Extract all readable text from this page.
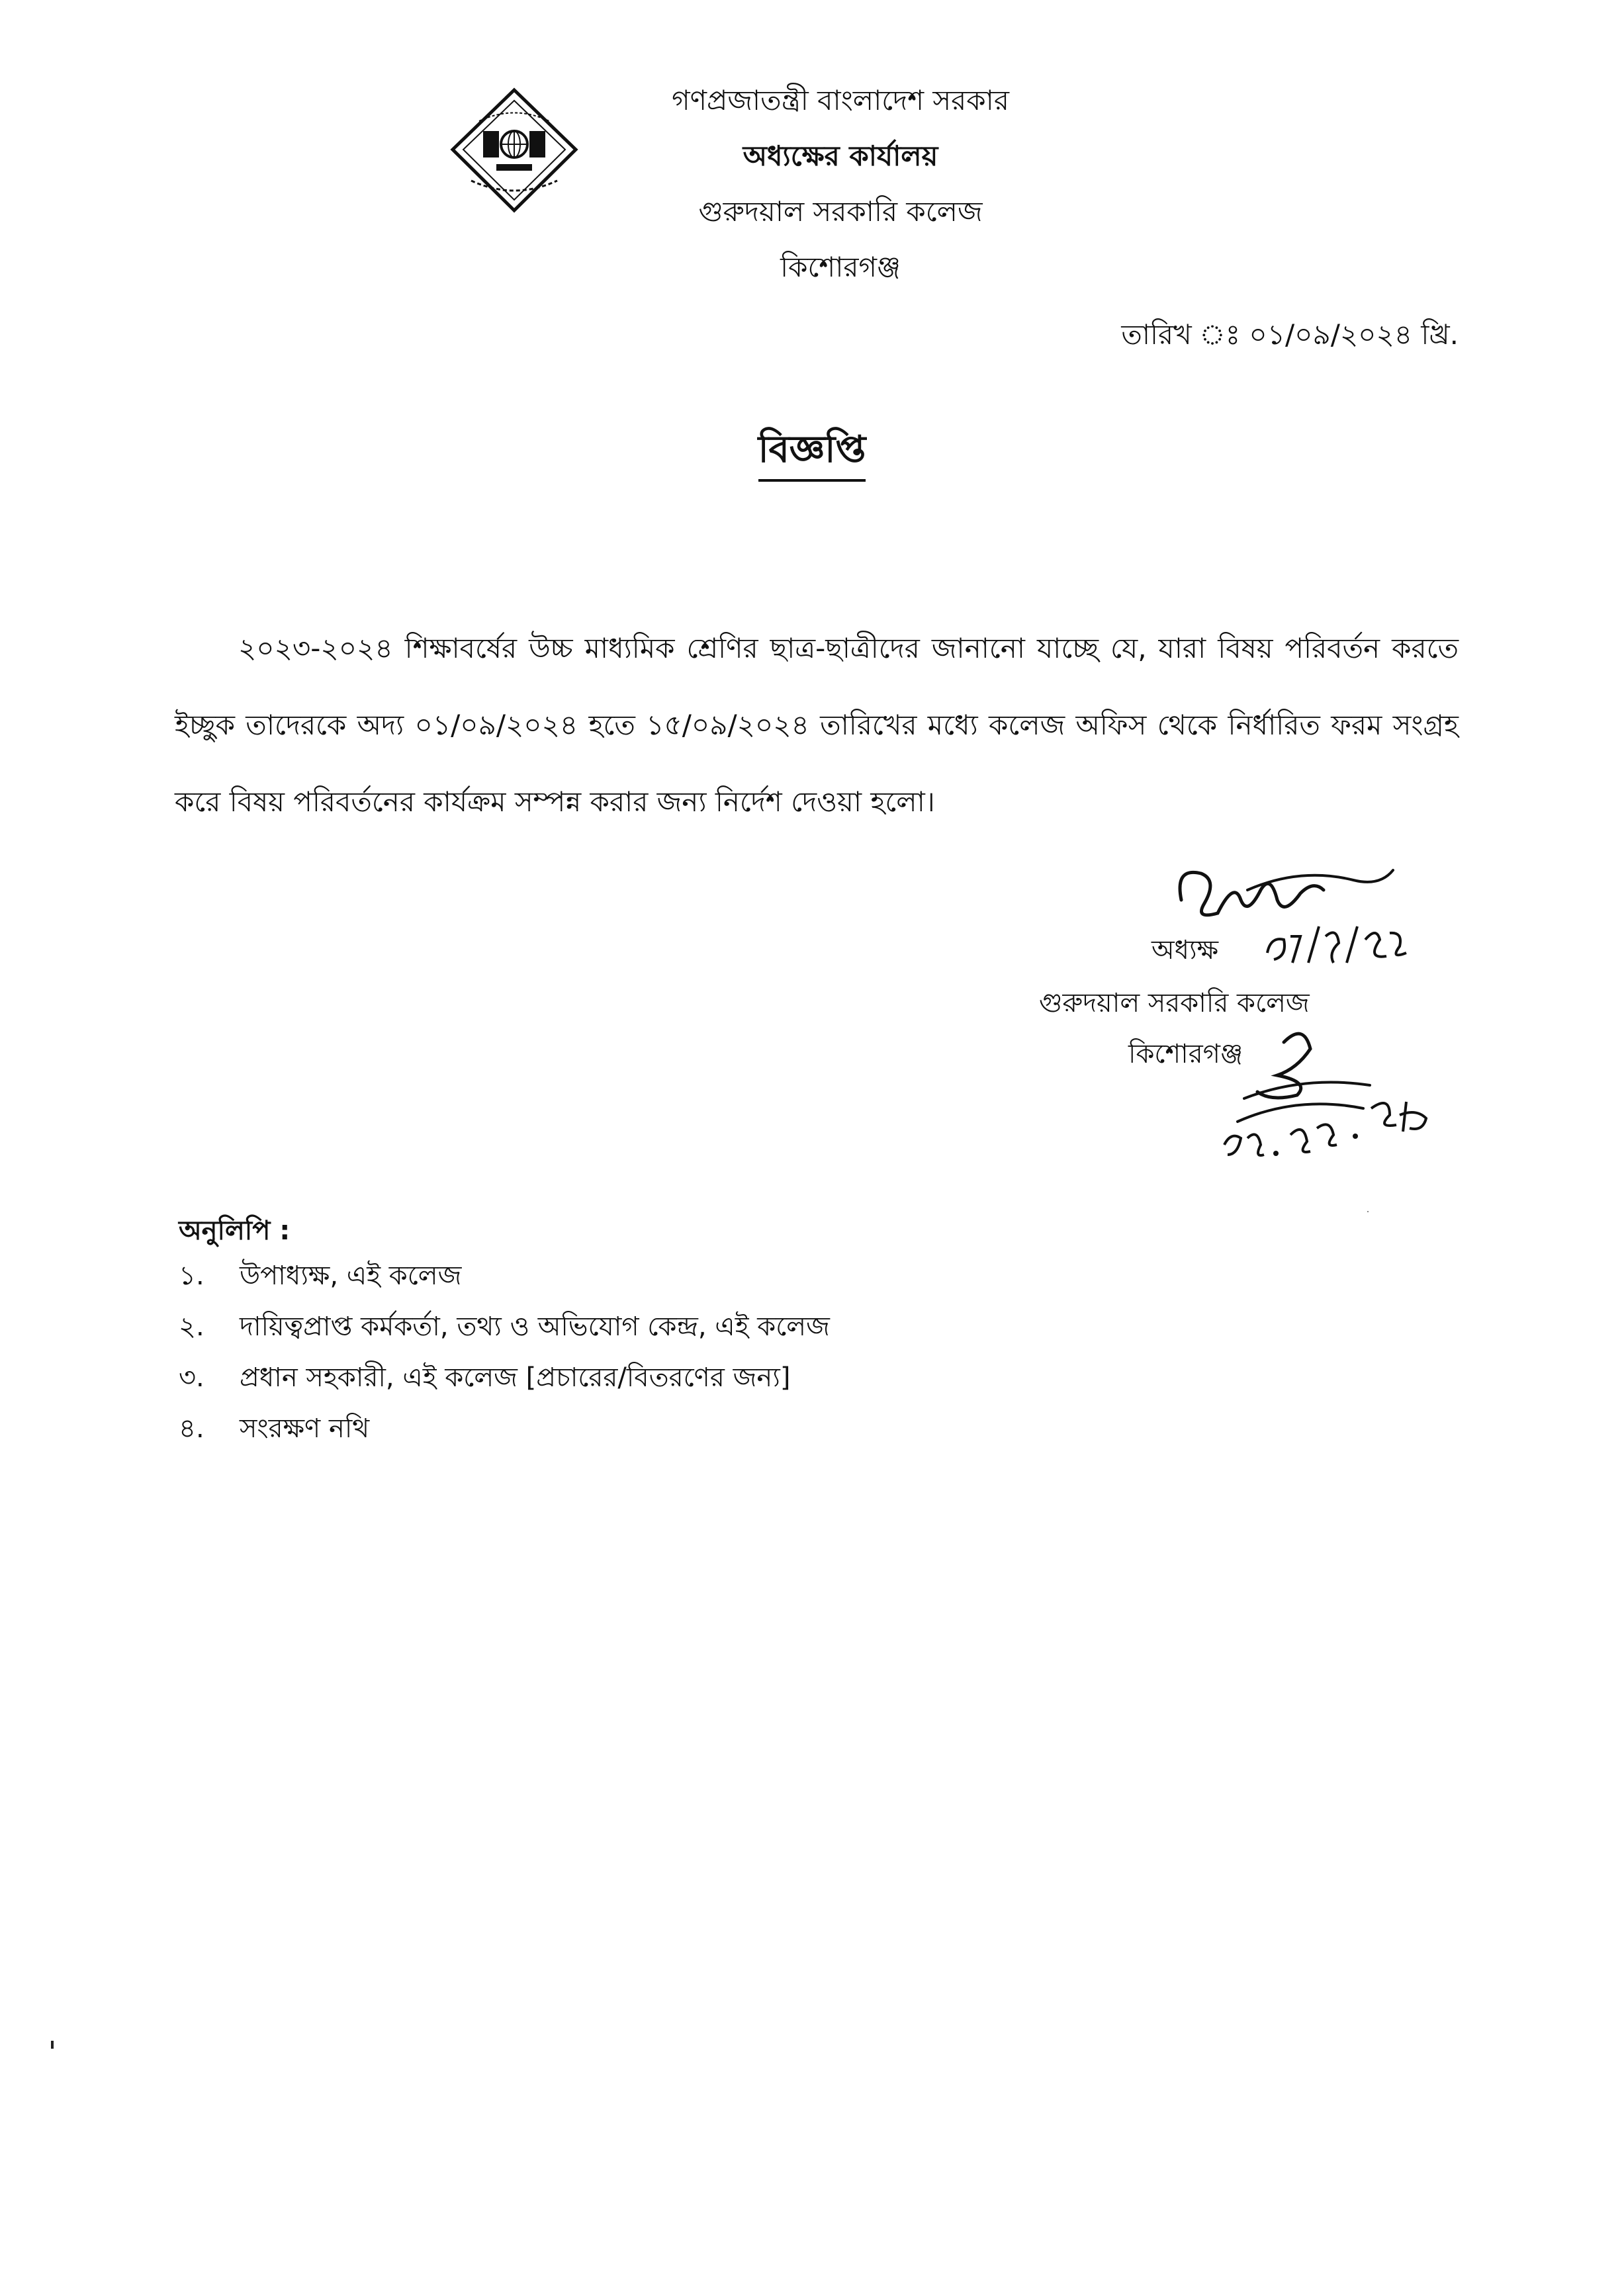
গণপ্রজাতন্ত্রী বাংলাদেশ সরকার

অধ্যক্ষের কার্যালয়

গুরুদয়াল সরকারি কলেজ

কিশোরগঞ্জ

তারিখ ঃ ০১/০৯/২০২৪ খ্রি.
বিজ্ঞপ্তি

২০২৩-২০২৪ শিক্ষাবর্ষের উচ্চ মাধ্যমিক শ্রেণির ছাত্র-ছাত্রীদের জানানো যাচ্ছে যে, যারা বিষয় পরিবর্তন করতে ইচ্ছুক তাদেরকে অদ্য ০১/০৯/২০২৪ হতে ১৫/০৯/২০২৪ তারিখের মধ্যে কলেজ অফিস থেকে নির্ধারিত ফরম সংগ্রহ করে বিষয় পরিবর্তনের কার্যক্রম সম্পন্ন করার জন্য নির্দেশ দেওয়া হলো।

অধ্যক্ষ
গুরুদয়াল সরকারি কলেজ
কিশোরগঞ্জ
অনুলিপি :
১.	উপাধ্যক্ষ, এই কলেজ
২.	দায়িত্বপ্রাপ্ত কর্মকর্তা, তথ্য ও অভিযোগ কেন্দ্র, এই কলেজ
৩.	প্রধান সহকারী, এই কলেজ [প্রচারের/বিতরণের জন্য]
৪.	সংরক্ষণ নথি
